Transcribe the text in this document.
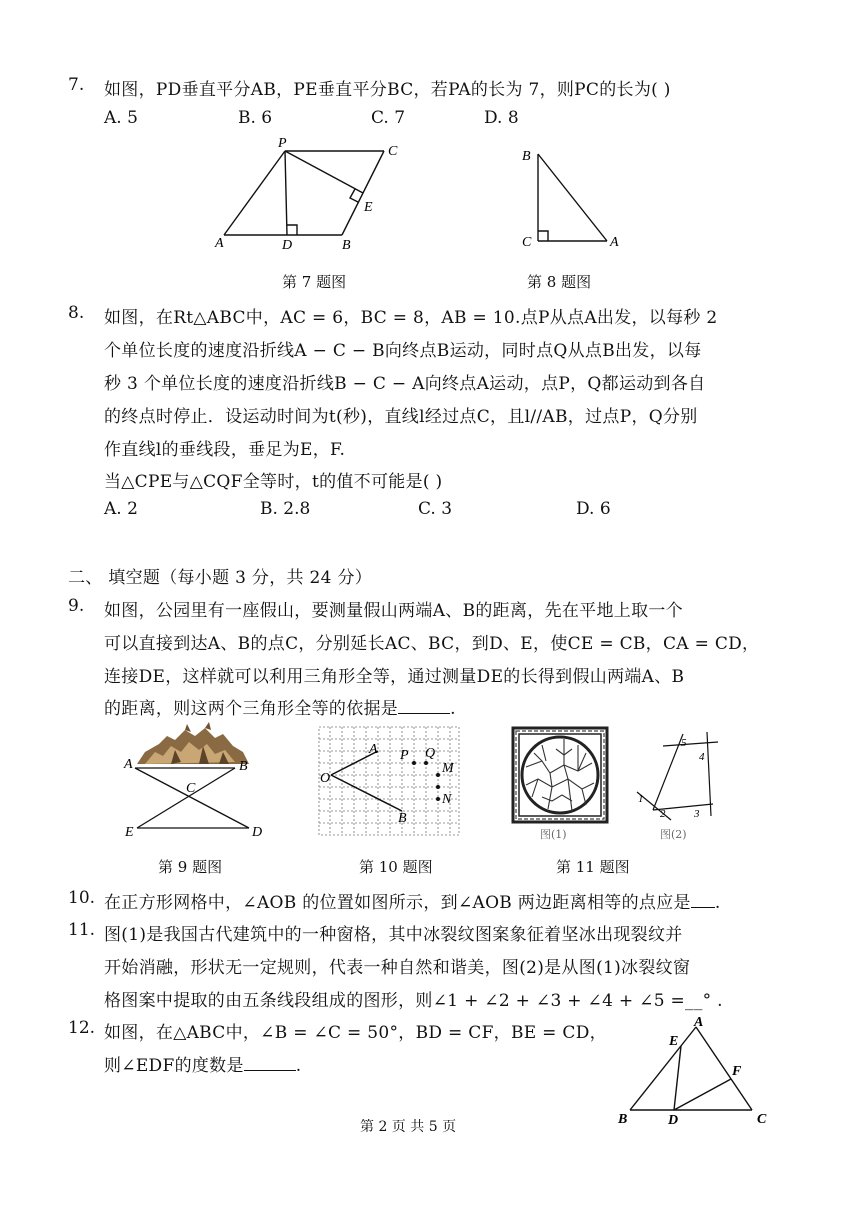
7. 如图，PD垂直平分AB，PE垂直平分BC，若PA的长为 7，则PC的长为( )
A. 5	B. 6	C. 7	D. 8
P
C
E
A	D	B
第 7 题图
B
C	A
第 8 题图
8. 如图，在Rt△ABC中，AC = 6，BC = 8，AB = 10.点P从点A出发，以每秒 2
个单位长度的速度沿折线A − C − B向终点B运动，同时点Q从点B出发，以每
秒 3 个单位长度的速度沿折线B − C − A向终点A运动，点P，Q都运动到各自
的终点时停止．设运动时间为t(秒)，直线l经过点C，且l//AB，过点P，Q分别
作直线l的垂线段，垂足为E，F.
当△CPE与△CQF全等时，t的值不可能是( )
A. 2	B. 2.8	C. 3	D. 6
二、 填空题（每小题 3 分，共 24 分）
9. 如图，公园里有一座假山，要测量假山两端A、B的距离，先在平地上取一个
可以直接到达A、B的点C，分别延长AC、BC，到D、E，使CE = CB，CA = CD，
连接DE，这样就可以利用三角形全等，通过测量DE的长得到假山两端A、B
的距离，则这两个三角形全等的依据是	.
A	B
C
E	D
第 9 题图
O
A
B
P Q
M
N
第 10 题图
5
4
1
2	3
图(1)	图(2)
第 11 题图
10. 在正方形网格中，∠AOB 的位置如图所示，到∠AOB 两边距离相等的点应是 .
11. 图(1)是我国古代建筑中的一种窗格，其中冰裂纹图案象征着坚冰出现裂纹并
开始消融，形状无一定规则，代表一种自然和谐美，图(2)是从图(1)冰裂纹窗
格图案中提取的由五条线段组成的图形，则∠1 + ∠2 + ∠3 + ∠4 + ∠5 =__° .
12. 如图，在△ABC中，∠B = ∠C = 50°，BD = CF，BE = CD，
则∠EDF的度数是	.
A
E
F
B	D	C
第 2 页 共 5 页
